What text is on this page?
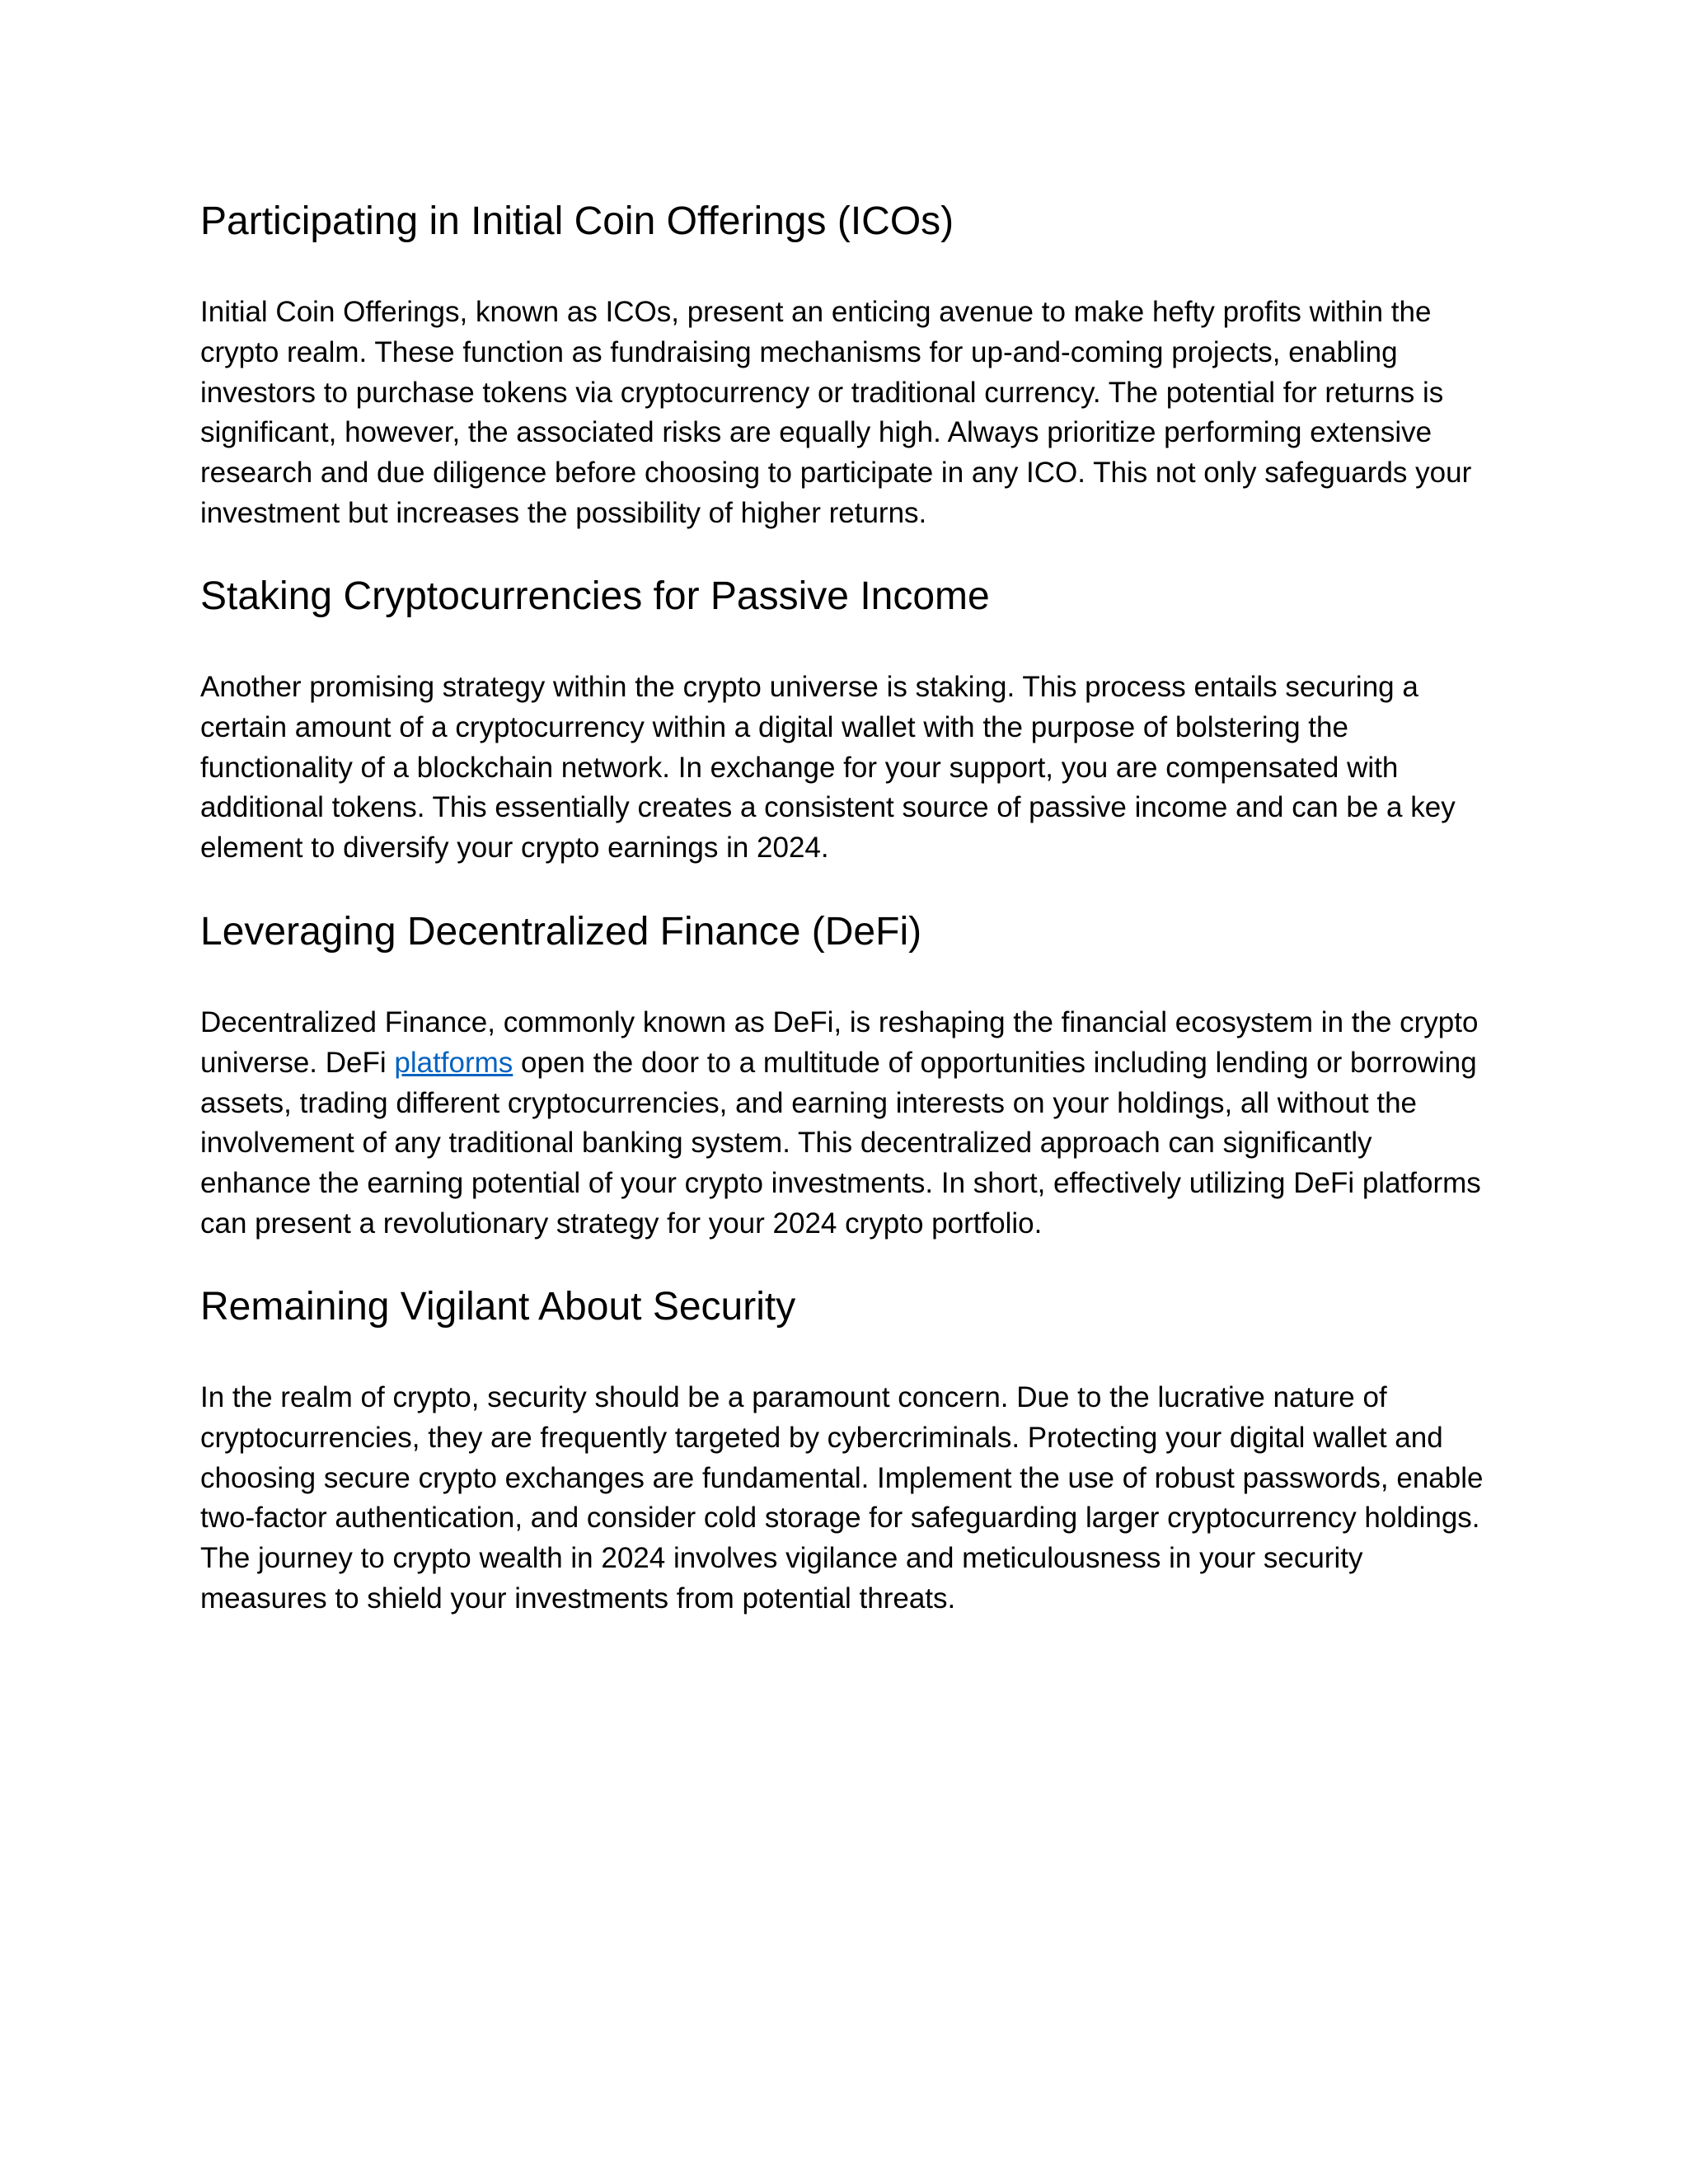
Participating in Initial Coin Offerings (ICOs)

Initial Coin Offerings, known as ICOs, present an enticing avenue to make hefty profits within the crypto realm. These function as fundraising mechanisms for up-and-coming projects, enabling investors to purchase tokens via cryptocurrency or traditional currency. The potential for returns is significant, however, the associated risks are equally high. Always prioritize performing extensive research and due diligence before choosing to participate in any ICO. This not only safeguards your investment but increases the possibility of higher returns.

Staking Cryptocurrencies for Passive Income

Another promising strategy within the crypto universe is staking. This process entails securing a certain amount of a cryptocurrency within a digital wallet with the purpose of bolstering the functionality of a blockchain network. In exchange for your support, you are compensated with additional tokens. This essentially creates a consistent source of passive income and can be a key element to diversify your crypto earnings in 2024.

Leveraging Decentralized Finance (DeFi)

Decentralized Finance, commonly known as DeFi, is reshaping the financial ecosystem in the crypto universe. DeFi platforms open the door to a multitude of opportunities including lending or borrowing assets, trading different cryptocurrencies, and earning interests on your holdings, all without the involvement of any traditional banking system. This decentralized approach can significantly enhance the earning potential of your crypto investments. In short, effectively utilizing DeFi platforms can present a revolutionary strategy for your 2024 crypto portfolio.

Remaining Vigilant About Security

In the realm of crypto, security should be a paramount concern. Due to the lucrative nature of cryptocurrencies, they are frequently targeted by cybercriminals. Protecting your digital wallet and choosing secure crypto exchanges are fundamental. Implement the use of robust passwords, enable two-factor authentication, and consider cold storage for safeguarding larger cryptocurrency holdings. The journey to crypto wealth in 2024 involves vigilance and meticulousness in your security measures to shield your investments from potential threats.
